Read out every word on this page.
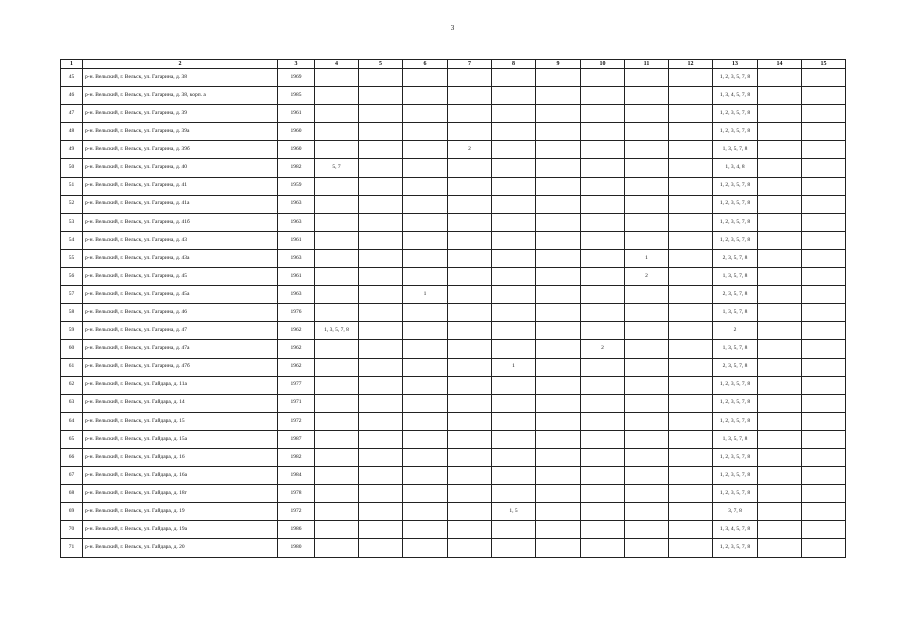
3
1	2	3	4	5	6	7	8	9	10	11	12	13	14	15
45	р-н. Вельский, г. Вельск, ул. Гагарина, д. 38	1969										1, 2, 3, 5, 7, 8		
46	р-н. Вельский, г. Вельск, ул. Гагарина, д. 38, корп. а	1985										1, 3, 4, 5, 7, 8		
47	р-н. Вельский, г. Вельск, ул. Гагарина, д. 39	1961										1, 2, 3, 5, 7, 8		
48	р-н. Вельский, г. Вельск, ул. Гагарина, д. 39а	1960										1, 2, 3, 5, 7, 8		
49	р-н. Вельский, г. Вельск, ул. Гагарина, д. 39б	1960				2						1, 3, 5, 7, 8		
50	р-н. Вельский, г. Вельск, ул. Гагарина, д. 40	1982	5, 7									1, 3, 4, 8		
51	р-н. Вельский, г. Вельск, ул. Гагарина, д. 41	1959										1, 2, 3, 5, 7, 8		
52	р-н. Вельский, г. Вельск, ул. Гагарина, д. 41а	1963										1, 2, 3, 5, 7, 8		
53	р-н. Вельский, г. Вельск, ул. Гагарина, д. 41б	1963										1, 2, 3, 5, 7, 8		
54	р-н. Вельский, г. Вельск, ул. Гагарина, д. 43	1961										1, 2, 3, 5, 7, 8		
55	р-н. Вельский, г. Вельск, ул. Гагарина, д. 43а	1963								1		2, 3, 5, 7, 8		
56	р-н. Вельский, г. Вельск, ул. Гагарина, д. 45	1961								2		1, 3, 5, 7, 8		
57	р-н. Вельский, г. Вельск, ул. Гагарина, д. 45а	1963			1							2, 3, 5, 7, 8		
58	р-н. Вельский, г. Вельск, ул. Гагарина, д. 46	1976										1, 3, 5, 7, 8		
59	р-н. Вельский, г. Вельск, ул. Гагарина, д. 47	1962	1, 3, 5, 7, 8									2		
60	р-н. Вельский, г. Вельск, ул. Гагарина, д. 47а	1962							2			1, 3, 5, 7, 8		
61	р-н. Вельский, г. Вельск, ул. Гагарина, д. 47б	1962					1					2, 3, 5, 7, 8		
62	р-н. Вельский, г. Вельск, ул. Гайдара, д. 11а	1977										1, 2, 3, 5, 7, 8		
63	р-н. Вельский, г. Вельск, ул. Гайдара, д. 14	1971										1, 2, 3, 5, 7, 8		
64	р-н. Вельский, г. Вельск, ул. Гайдара, д. 15	1972										1, 2, 3, 5, 7, 8		
65	р-н. Вельский, г. Вельск, ул. Гайдара, д. 15а	1987										1, 3, 5, 7, 8		
66	р-н. Вельский, г. Вельск, ул. Гайдара, д. 16	1982										1, 2, 3, 5, 7, 8		
67	р-н. Вельский, г. Вельск, ул. Гайдара, д. 16а	1984										1, 2, 3, 5, 7, 8		
68	р-н. Вельский, г. Вельск, ул. Гайдара, д. 18г	1978										1, 2, 3, 5, 7, 8		
69	р-н. Вельский, г. Вельск, ул. Гайдара, д. 19	1972					1, 5					3, 7, 8		
70	р-н. Вельский, г. Вельск, ул. Гайдара, д. 19а	1986										1, 3, 4, 5, 7, 8		
71	р-н. Вельский, г. Вельск, ул. Гайдара, д. 20	1980										1, 2, 3, 5, 7, 8		
